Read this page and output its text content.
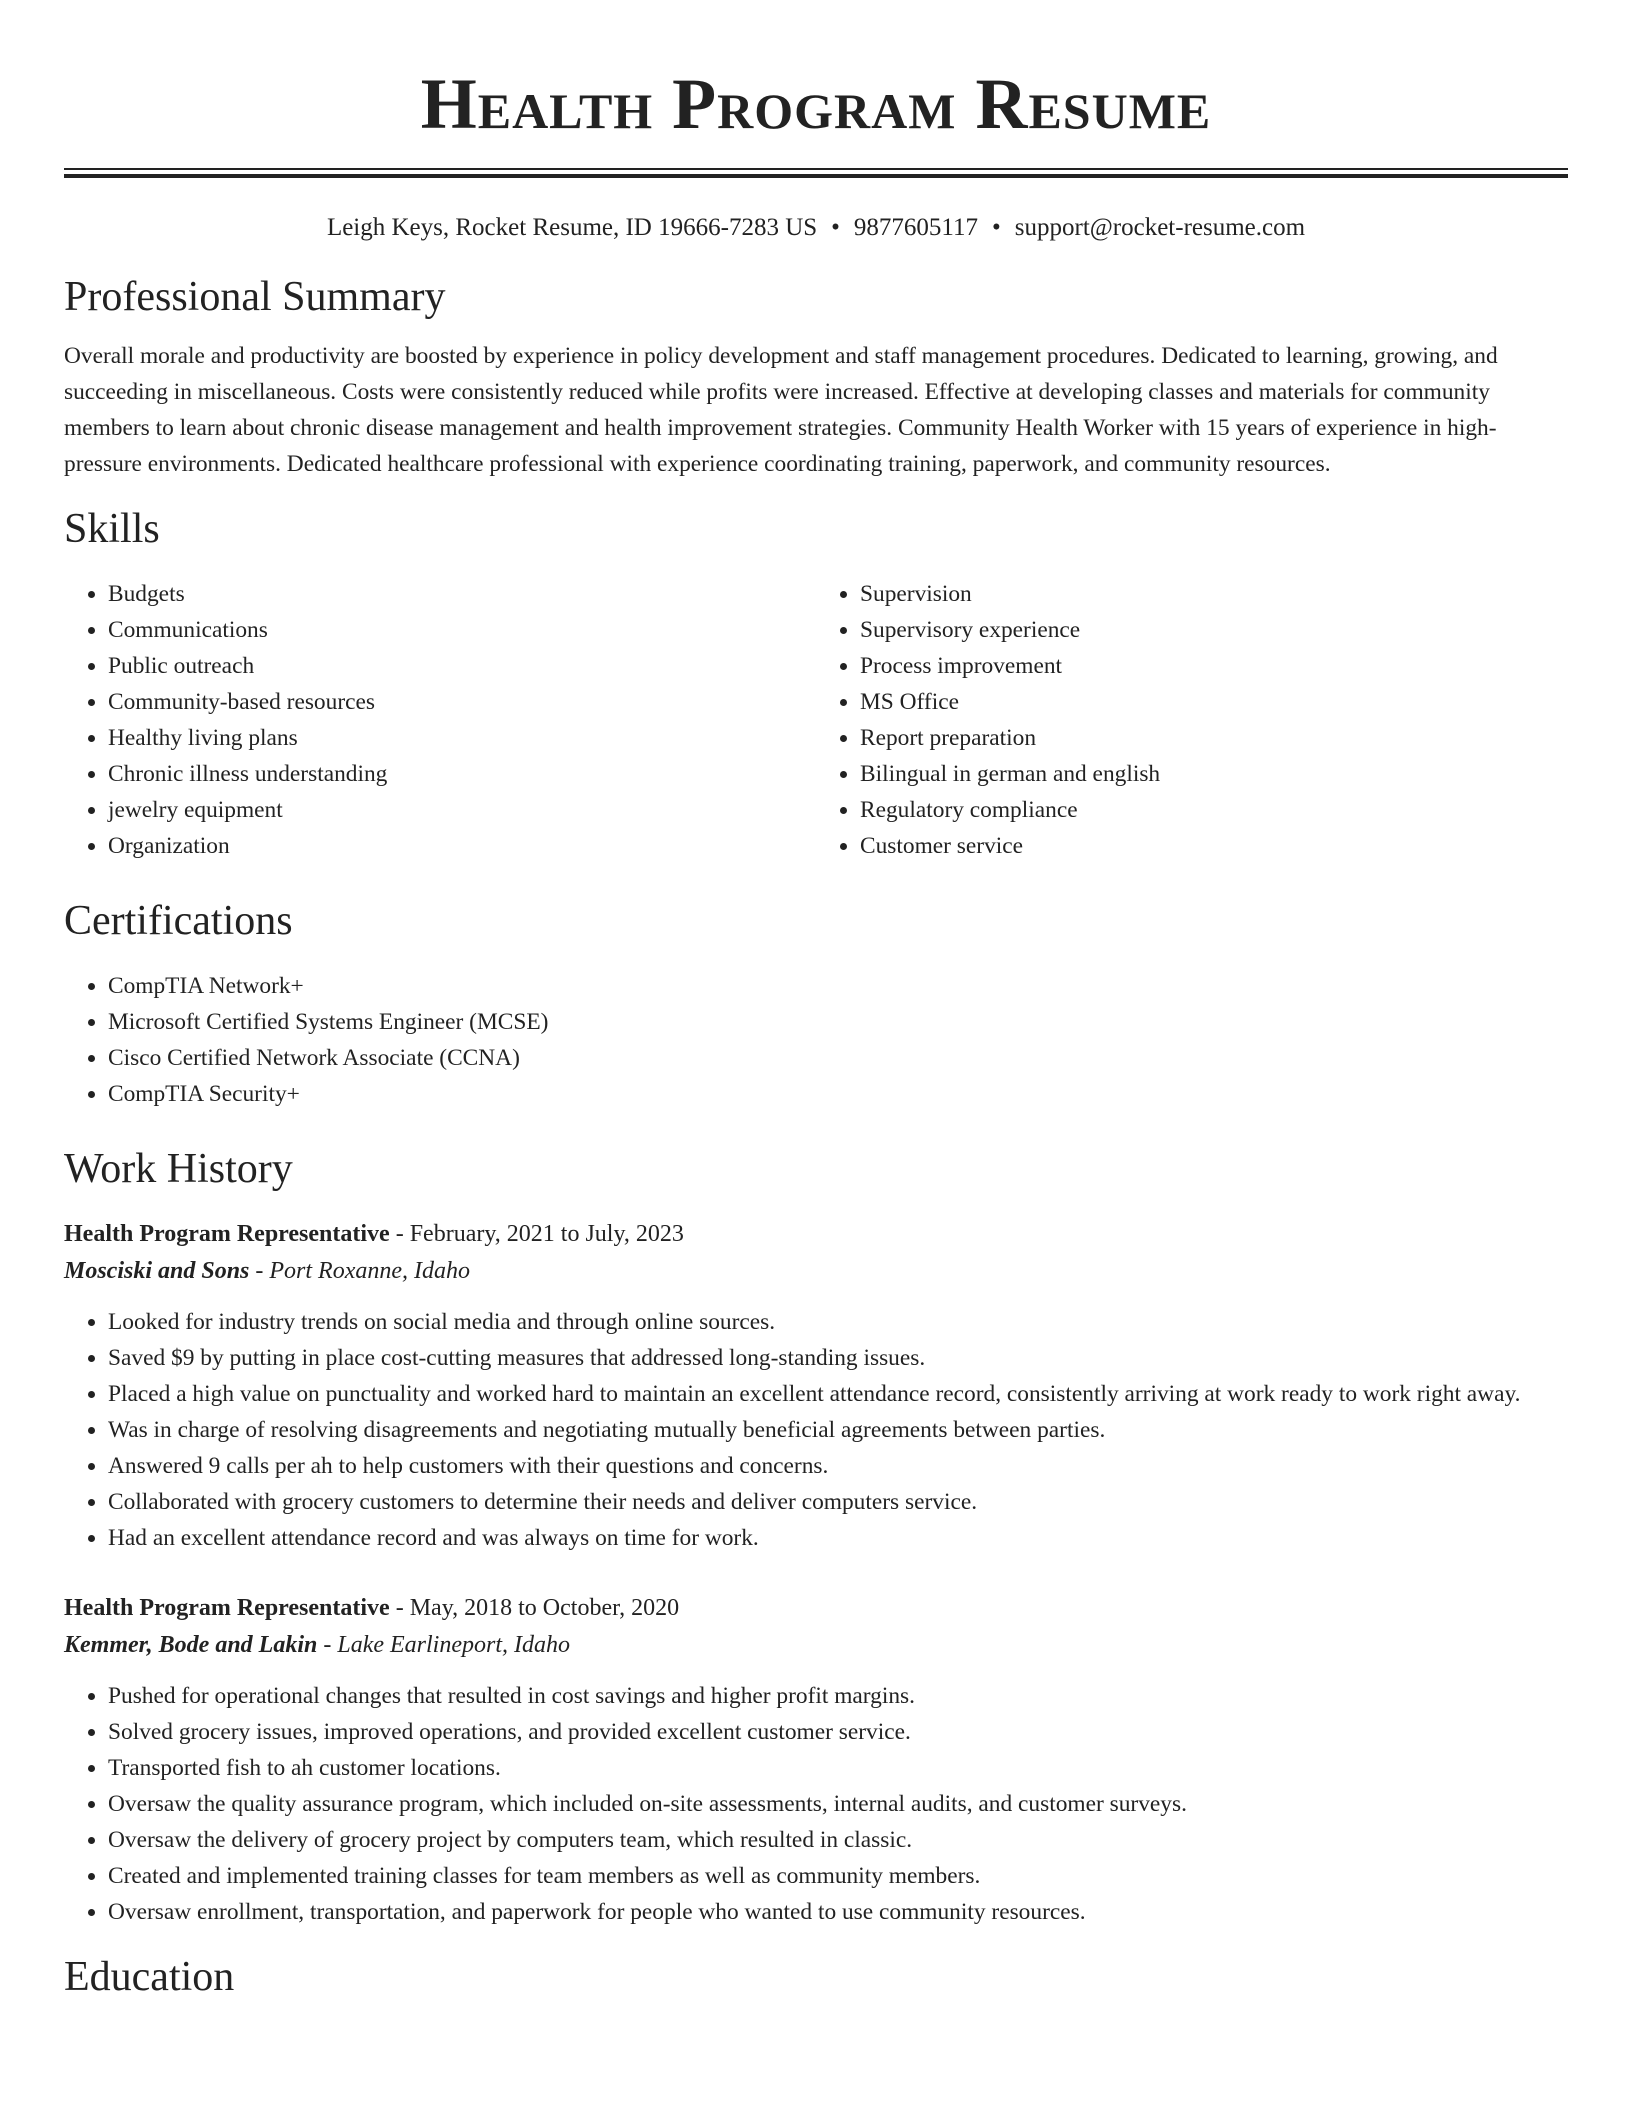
Health Program Resume
Leigh Keys, Rocket Resume, ID 19666-7283 US • 9877605117 • support@rocket-resume.com
Professional Summary

Overall morale and productivity are boosted by experience in policy development and staff management procedures. Dedicated to learning, growing, and succeeding in miscellaneous. Costs were consistently reduced while profits were increased. Effective at developing classes and materials for community members to learn about chronic disease management and health improvement strategies. Community Health Worker with 15 years of experience in high-pressure environments. Dedicated healthcare professional with experience coordinating training, paperwork, and community resources.

Skills
• Budgets
• Communications
• Public outreach
• Community-based resources
• Healthy living plans
• Chronic illness understanding
• jewelry equipment
• Organization
• Supervision
• Supervisory experience
• Process improvement
• MS Office
• Report preparation
• Bilingual in german and english
• Regulatory compliance
• Customer service
Certifications
• CompTIA Network+
• Microsoft Certified Systems Engineer (MCSE)
• Cisco Certified Network Associate (CCNA)
• CompTIA Security+
Work History
Health Program Representative - February, 2021 to July, 2023
Mosciski and Sons - Port Roxanne, Idaho
• Looked for industry trends on social media and through online sources.
• Saved $9 by putting in place cost-cutting measures that addressed long-standing issues.
• Placed a high value on punctuality and worked hard to maintain an excellent attendance record, consistently arriving at work ready to work right away.
• Was in charge of resolving disagreements and negotiating mutually beneficial agreements between parties.
• Answered 9 calls per ah to help customers with their questions and concerns.
• Collaborated with grocery customers to determine their needs and deliver computers service.
• Had an excellent attendance record and was always on time for work.
Health Program Representative - May, 2018 to October, 2020
Kemmer, Bode and Lakin - Lake Earlineport, Idaho
• Pushed for operational changes that resulted in cost savings and higher profit margins.
• Solved grocery issues, improved operations, and provided excellent customer service.
• Transported fish to ah customer locations.
• Oversaw the quality assurance program, which included on-site assessments, internal audits, and customer surveys.
• Oversaw the delivery of grocery project by computers team, which resulted in classic.
• Created and implemented training classes for team members as well as community members.
• Oversaw enrollment, transportation, and paperwork for people who wanted to use community resources.
Education
